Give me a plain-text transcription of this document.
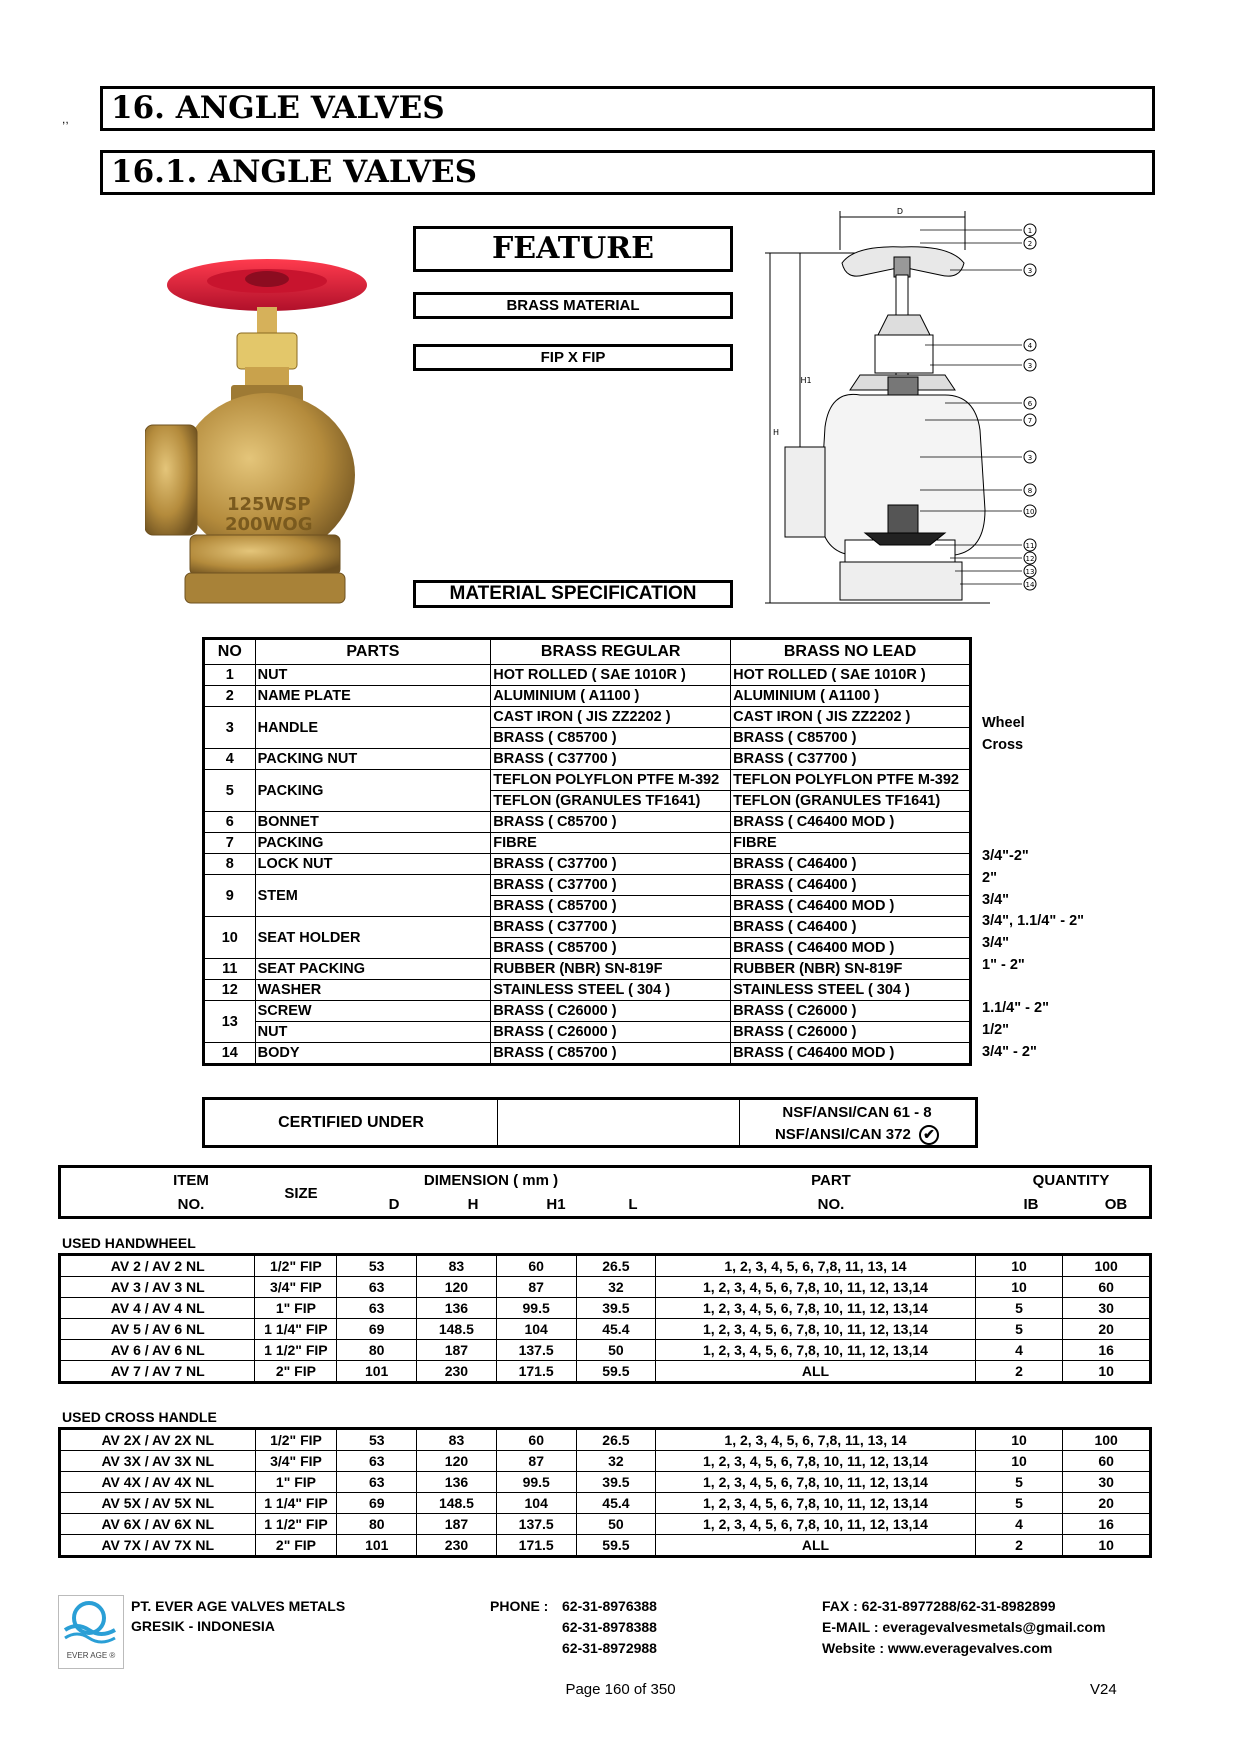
,,	16. ANGLE VALVES
16.1. ANGLE VALVES
125WSP
200WOG
FEATURE
BRASS MATERIAL
FIP X FIP
MATERIAL SPECIFICATION
D
H1
H
1
2
3
4
3
6
7
3
8
10
11
12
13
14
NO	PARTS	BRASS REGULAR	BRASS NO LEAD
1	NUT	HOT ROLLED ( SAE 1010R )	HOT ROLLED ( SAE 1010R )
2	NAME PLATE	ALUMINIUM ( A1100 )	ALUMINIUM ( A1100 )
3	HANDLE	CAST IRON ( JIS ZZ2202 )	CAST IRON ( JIS ZZ2202 )
		BRASS ( C85700 )	BRASS ( C85700 )
4	PACKING NUT	BRASS ( C37700 )	BRASS ( C37700 )
5	PACKING	TEFLON POLYFLON PTFE M-392	TEFLON POLYFLON PTFE M-392
		TEFLON (GRANULES TF1641)	TEFLON (GRANULES TF1641)
6	BONNET	BRASS ( C85700 )	BRASS ( C46400 MOD )
7	PACKING	FIBRE	FIBRE
8	LOCK NUT	BRASS ( C37700 )	BRASS ( C46400 )
9	STEM	BRASS ( C37700 )	BRASS ( C46400 )
		BRASS ( C85700 )	BRASS ( C46400 MOD )
10	SEAT HOLDER	BRASS ( C37700 )	BRASS ( C46400 )
		BRASS ( C85700 )	BRASS ( C46400 MOD )
11	SEAT PACKING	RUBBER (NBR) SN-819F	RUBBER (NBR) SN-819F
12	WASHER	STAINLESS STEEL ( 304 )	STAINLESS STEEL ( 304 )
13	SCREW	BRASS ( C26000 )	BRASS ( C26000 )
	NUT	BRASS ( C26000 )	BRASS ( C26000 )
14	BODY	BRASS ( C85700 )	BRASS ( C46400 MOD )
Wheel
Cross
3/4"-2"
2"
3/4"
3/4", 1.1/4" - 2"
3/4"
1" - 2"
1.1/4" - 2"
1/2"
3/4" - 2"
CERTIFIED UNDER
NSF/ANSI/CAN 61 - 8
NSF/ANSI/CAN 372 ✔
ITEM
NO.
SIZE
DIMENSION ( mm )
D	H	H1	L
PART
NO.
QUANTITY
IB	OB
USED HANDWHEEL
AV 2 / AV 2 NL	1/2" FIP	53	83	60	26.5	1, 2, 3, 4, 5, 6, 7,8, 11, 13, 14	10	100
AV 3 / AV 3 NL	3/4" FIP	63	120	87	32	1, 2, 3, 4, 5, 6, 7,8, 10, 11, 12, 13,14	10	60
AV 4 / AV 4 NL	1" FIP	63	136	99.5	39.5	1, 2, 3, 4, 5, 6, 7,8, 10, 11, 12, 13,14	5	30
AV 5 / AV 6 NL	1 1/4" FIP	69	148.5	104	45.4	1, 2, 3, 4, 5, 6, 7,8, 10, 11, 12, 13,14	5	20
AV 6 / AV 6 NL	1 1/2" FIP	80	187	137.5	50	1, 2, 3, 4, 5, 6, 7,8, 10, 11, 12, 13,14	4	16
AV 7 / AV 7 NL	2" FIP	101	230	171.5	59.5	ALL	2	10
USED CROSS HANDLE
AV 2X / AV 2X NL	1/2" FIP	53	83	60	26.5	1, 2, 3, 4, 5, 6, 7,8, 11, 13, 14	10	100
AV 3X / AV 3X NL	3/4" FIP	63	120	87	32	1, 2, 3, 4, 5, 6, 7,8, 10, 11, 12, 13,14	10	60
AV 4X / AV 4X NL	1" FIP	63	136	99.5	39.5	1, 2, 3, 4, 5, 6, 7,8, 10, 11, 12, 13,14	5	30
AV 5X / AV 5X NL	1 1/4" FIP	69	148.5	104	45.4	1, 2, 3, 4, 5, 6, 7,8, 10, 11, 12, 13,14	5	20
AV 6X / AV 6X NL	1 1/2" FIP	80	187	137.5	50	1, 2, 3, 4, 5, 6, 7,8, 10, 11, 12, 13,14	4	16
AV 7X / AV 7X NL	2" FIP	101	230	171.5	59.5	ALL	2	10
EVER AGE ®
PT. EVER AGE VALVES METALS
GRESIK - INDONESIA
PHONE : 62-31-8976388
62-31-8978388
62-31-8972988
FAX : 62-31-8977288/62-31-8982899
E-MAIL : everagevalvesmetals@gmail.com
Website : www.everagevalves.com
Page 160 of 350	V24
